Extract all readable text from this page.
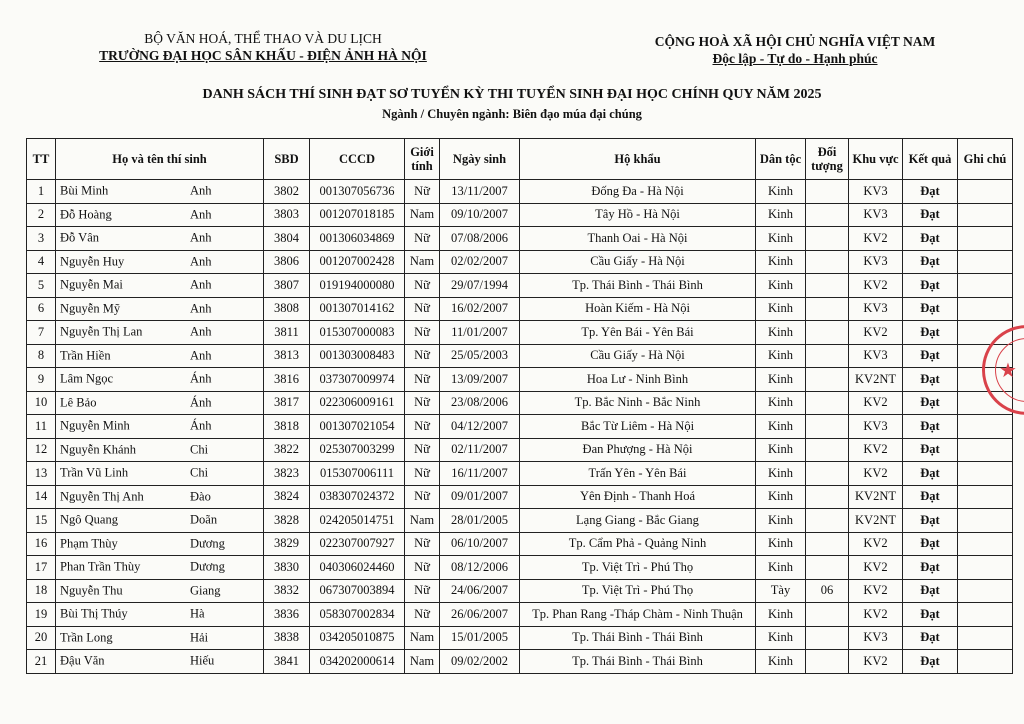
BỘ VĂN HOÁ, THỂ THAO VÀ DU LỊCH
TRƯỜNG ĐẠI HỌC SÂN KHẤU - ĐIỆN ẢNH HÀ NỘI
CỘNG HOÀ XÃ HỘI CHỦ NGHĨA VIỆT NAM
Độc lập - Tự do - Hạnh phúc
DANH SÁCH THÍ SINH ĐẠT SƠ TUYỂN KỲ THI TUYỂN SINH ĐẠI HỌC CHÍNH QUY NĂM 2025
Ngành / Chuyên ngành: Biên đạo múa đại chúng
TT	Họ và tên thí sinh	SBD	CCCD	Giới
tính	Ngày sinh	Hộ khẩu	Dân tộc	Đối
tượng	Khu vực	Kết quả	Ghi chú
1	Bùi Minh Anh	3802	001307056736	Nữ	13/11/2007	Đống Đa - Hà Nội	Kinh		KV3	Đạt	
2	Đỗ Hoàng Anh	3803	001207018185	Nam	09/10/2007	Tây Hồ - Hà Nội	Kinh		KV3	Đạt	
3	Đỗ Vân Anh	3804	001306034869	Nữ	07/08/2006	Thanh Oai - Hà Nội	Kinh		KV2	Đạt	
4	Nguyễn Huy Anh	3806	001207002428	Nam	02/02/2007	Cầu Giấy - Hà Nội	Kinh		KV3	Đạt	
5	Nguyễn Mai Anh	3807	019194000080	Nữ	29/07/1994	Tp. Thái Bình - Thái Bình	Kinh		KV2	Đạt	
6	Nguyễn Mỹ Anh	3808	001307014162	Nữ	16/02/2007	Hoàn Kiếm - Hà Nội	Kinh		KV3	Đạt	
7	Nguyễn Thị Lan Anh	3811	015307000083	Nữ	11/01/2007	Tp. Yên Bái - Yên Bái	Kinh		KV2	Đạt	
8	Trần Hiền Anh	3813	001303008483	Nữ	25/05/2003	Cầu Giấy - Hà Nội	Kinh		KV3	Đạt	
9	Lâm Ngọc Ánh	3816	037307009974	Nữ	13/09/2007	Hoa Lư - Ninh Bình	Kinh		KV2NT	Đạt	
10	Lê Bảo Ánh	3817	022306009161	Nữ	23/08/2006	Tp. Bắc Ninh - Bắc Ninh	Kinh		KV2	Đạt	
11	Nguyễn Minh Ánh	3818	001307021054	Nữ	04/12/2007	Bắc Từ Liêm - Hà Nội	Kinh		KV3	Đạt	
12	Nguyễn Khánh Chi	3822	025307003299	Nữ	02/11/2007	Đan Phượng - Hà Nội	Kinh		KV2	Đạt	
13	Trần Vũ Linh Chi	3823	015307006111	Nữ	16/11/2007	Trấn Yên - Yên Bái	Kinh		KV2	Đạt	
14	Nguyễn Thị Anh Đào	3824	038307024372	Nữ	09/01/2007	Yên Định - Thanh Hoá	Kinh		KV2NT	Đạt	
15	Ngô Quang Doãn	3828	024205014751	Nam	28/01/2005	Lạng Giang - Bắc Giang	Kinh		KV2NT	Đạt	
16	Phạm Thùy Dương	3829	022307007927	Nữ	06/10/2007	Tp. Cẩm Phả - Quảng Ninh	Kinh		KV2	Đạt	
17	Phan Trần Thùy Dương	3830	040306024460	Nữ	08/12/2006	Tp. Việt Trì - Phú Thọ	Kinh		KV2	Đạt	
18	Nguyễn Thu Giang	3832	067307003894	Nữ	24/06/2007	Tp. Việt Trì - Phú Thọ	Tày	06	KV2	Đạt	
19	Bùi Thị Thúy Hà	3836	058307002834	Nữ	26/06/2007	Tp. Phan Rang -Tháp Chàm - Ninh Thuận	Kinh		KV2	Đạt	
20	Trần Long Hải	3838	034205010875	Nam	15/01/2005	Tp. Thái Bình - Thái Bình	Kinh		KV3	Đạt	
21	Đậu Văn Hiếu	3841	034202000614	Nam	09/02/2002	Tp. Thái Bình - Thái Bình	Kinh		KV2	Đạt	
★
